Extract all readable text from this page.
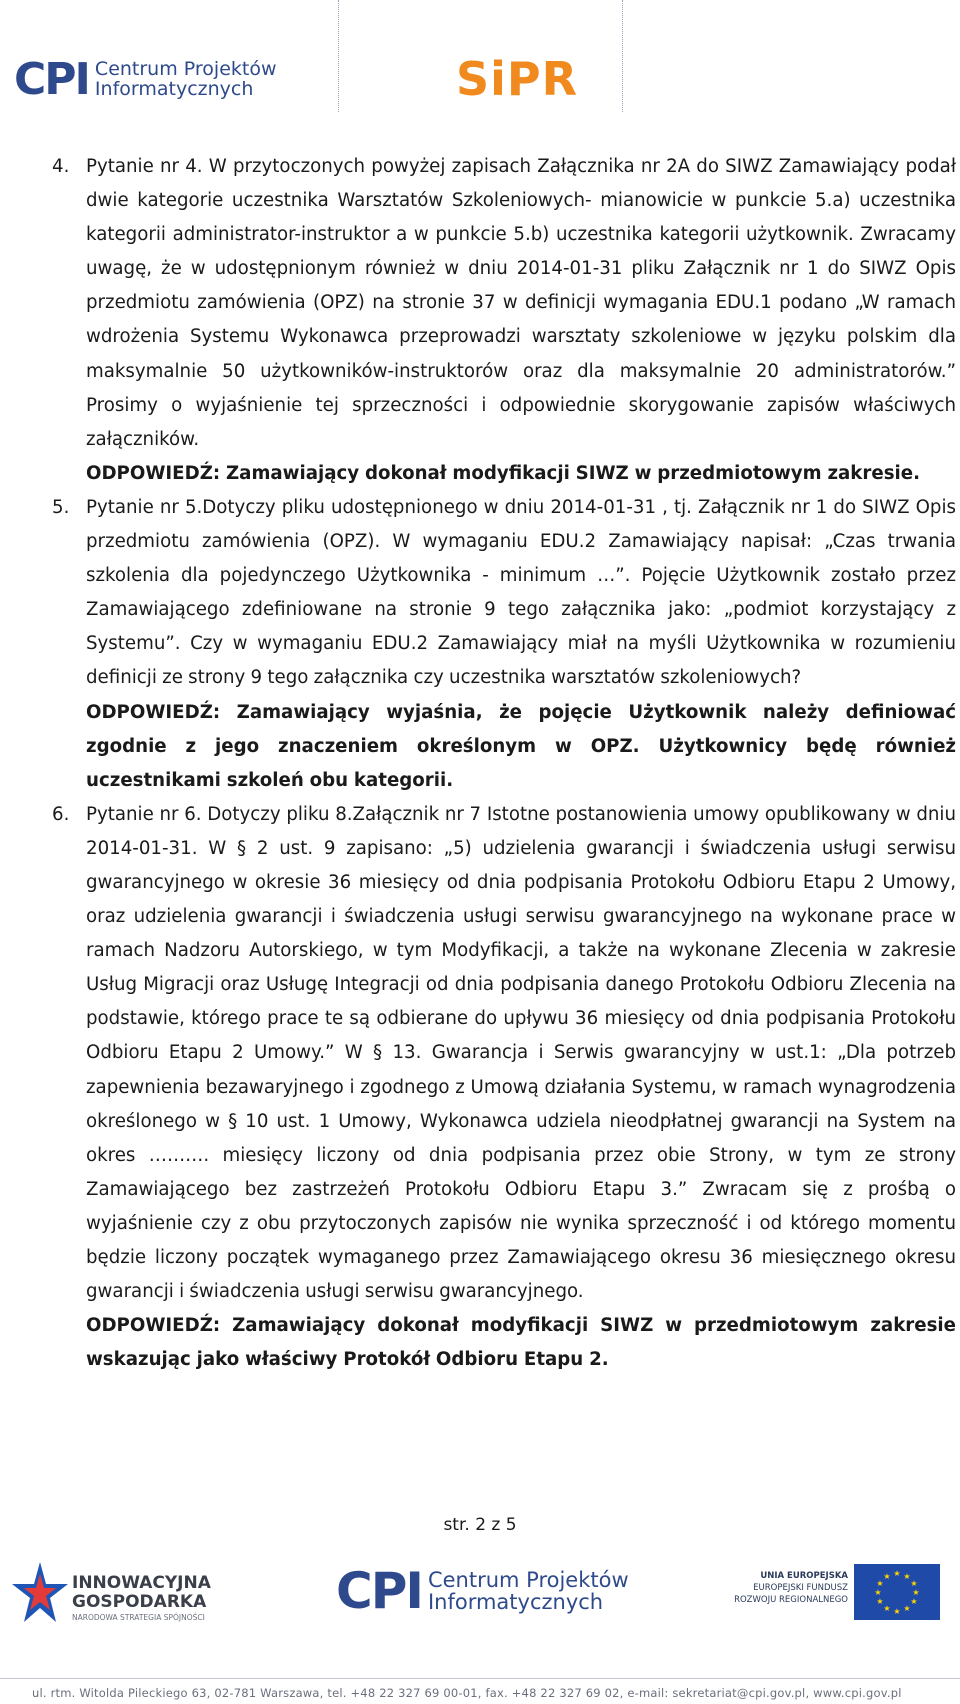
CPI Centrum Projektów
Informatycznych	SiPR
4. Pytanie nr 4. W przytoczonych powyżej zapisach Załącznika nr 2A do SIWZ Zamawiający podał dwie kategorie uczestnika Warsztatów Szkoleniowych- mianowicie w punkcie 5.a) uczestnika kategorii administrator-instruktor a w punkcie 5.b) uczestnika kategorii użytkownik. Zwracamy uwagę, że w udostępnionym również w dniu 2014-01-31 pliku Załącznik nr 1 do SIWZ Opis przedmiotu zamówienia (OPZ) na stronie 37 w definicji wymagania EDU.1 podano „W ramach wdrożenia Systemu Wykonawca przeprowadzi warsztaty szkoleniowe w języku polskim dla maksymalnie 50 użytkowników-instruktorów oraz dla maksymalnie 20 administratorów.” Prosimy o wyjaśnienie tej sprzeczności i odpowiednie skorygowanie zapisów właściwych załączników.

ODPOWIEDŹ: Zamawiający dokonał modyfikacji SIWZ w przedmiotowym zakresie.

5. Pytanie nr 5.Dotyczy pliku udostępnionego w dniu 2014-01-31 , tj. Załącznik nr 1 do SIWZ Opis przedmiotu zamówienia (OPZ). W wymaganiu EDU.2 Zamawiający napisał: „Czas trwania szkolenia dla pojedynczego Użytkownika - minimum …”. Pojęcie Użytkownik zostało przez Zamawiającego zdefiniowane na stronie 9 tego załącznika jako: „podmiot korzystający z Systemu”. Czy w wymaganiu EDU.2 Zamawiający miał na myśli Użytkownika w rozumieniu definicji ze strony 9 tego załącznika czy uczestnika warsztatów szkoleniowych?

ODPOWIEDŹ: Zamawiający wyjaśnia, że pojęcie Użytkownik należy definiować zgodnie z jego znaczeniem określonym w OPZ. Użytkownicy będę również uczestnikami szkoleń obu kategorii.

6. Pytanie nr 6. Dotyczy pliku 8.Załącznik nr 7 Istotne postanowienia umowy opublikowany w dniu 2014-01-31. W § 2 ust. 9 zapisano: „5) udzielenia gwarancji i świadczenia usługi serwisu gwarancyjnego w okresie 36 miesięcy od dnia podpisania Protokołu Odbioru Etapu 2 Umowy, oraz udzielenia gwarancji i świadczenia usługi serwisu gwarancyjnego na wykonane prace w ramach Nadzoru Autorskiego, w tym Modyfikacji, a także na wykonane Zlecenia w zakresie Usług Migracji oraz Usługę Integracji od dnia podpisania danego Protokołu Odbioru Zlecenia na podstawie, którego prace te są odbierane do upływu 36 miesięcy od dnia podpisania Protokołu Odbioru Etapu 2 Umowy.” W § 13. Gwarancja i Serwis gwarancyjny w ust.1: „Dla potrzeb zapewnienia bezawaryjnego i zgodnego z Umową działania Systemu, w ramach wynagrodzenia określonego w § 10 ust. 1 Umowy, Wykonawca udziela nieodpłatnej gwarancji na System na okres ………. miesięcy liczony od dnia podpisania przez obie Strony, w tym ze strony Zamawiającego bez zastrzeżeń Protokołu Odbioru Etapu 3.” Zwracam się z prośbą o wyjaśnienie czy z obu przytoczonych zapisów nie wynika sprzeczność i od którego momentu będzie liczony początek wymaganego przez Zamawiającego okresu 36 miesięcznego okresu gwarancji i świadczenia usługi serwisu gwarancyjnego.

ODPOWIEDŹ: Zamawiający dokonał modyfikacji SIWZ w przedmiotowym zakresie wskazując jako właściwy Protokół Odbioru Etapu 2.

str. 2 z 5
INNOWACYJNA
GOSPODARKA
NARODOWA STRATEGIA SPÓJNOŚCI	CPI Centrum Projektów
Informatycznych
UNIA EUROPEJSKA
EUROPEJSKI FUNDUSZ
ROZWOJU REGIONALNEGO
★ ★
★
★
★
★
★
★
★
★
★
★
ul. rtm. Witolda Pileckiego 63, 02-781 Warszawa, tel. +48 22 327 69 00-01, fax. +48 22 327 69 02, e-mail: sekretariat@cpi.gov.pl, www.cpi.gov.pl
